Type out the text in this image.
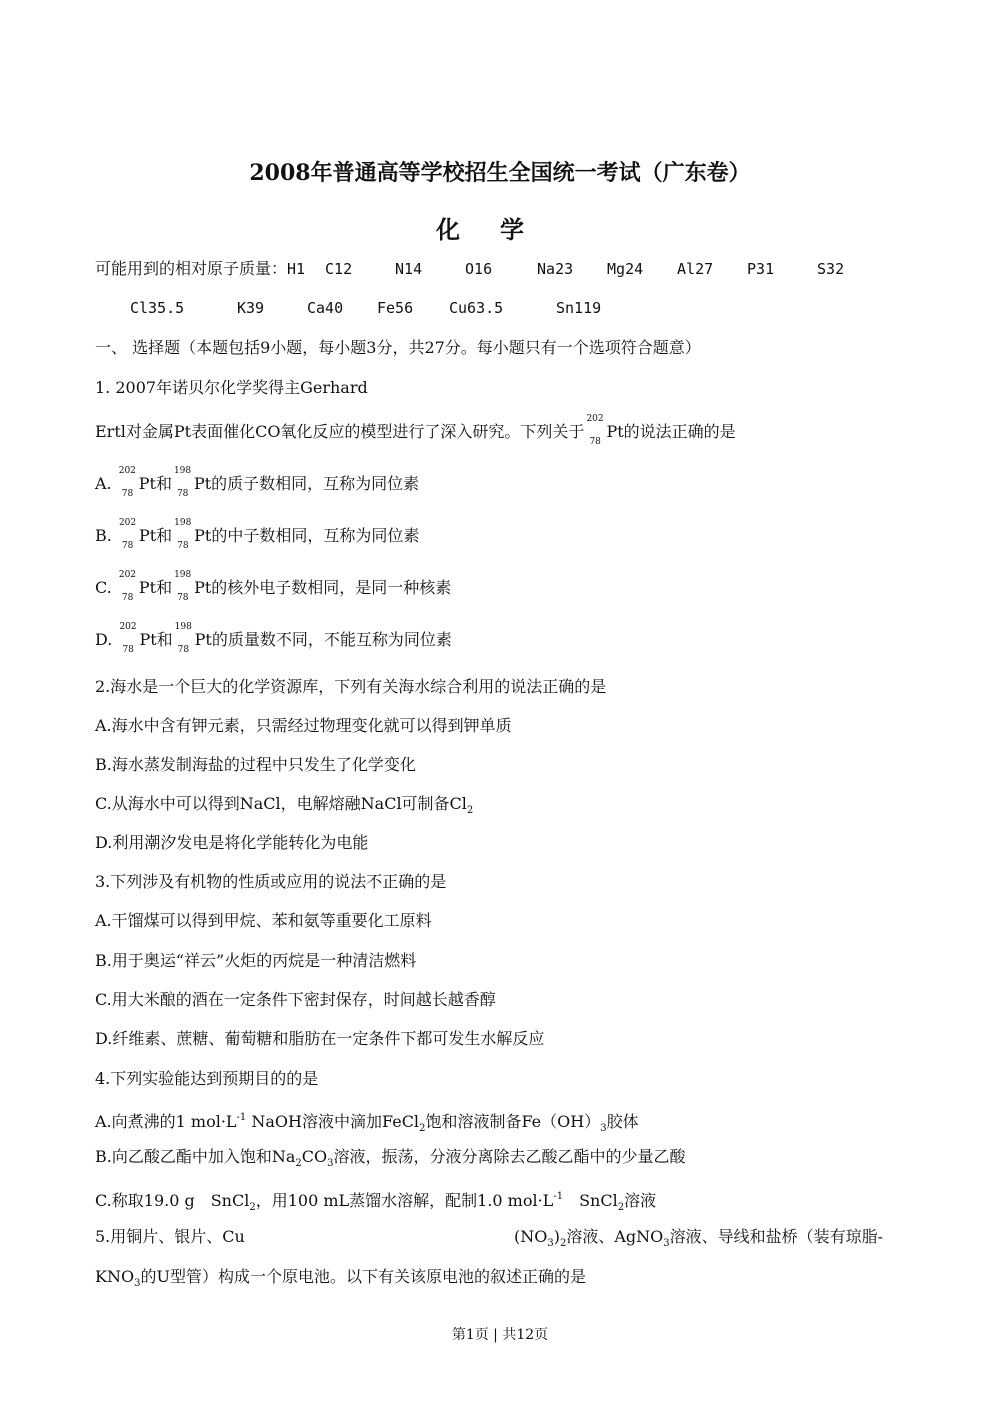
2008年普通高等学校招生全国统一考试（广东卷）
化学
可能用到的相对原子质量：H1 C12	N14	O16	Na23 Mg24 Al27 P31	S32
Cl35.5	K39	Ca40 Fe56 Cu63.5	Sn119
一、 选择题（本题包括9小题，每小题3分，共27分。每小题只有一个选项符合题意）
1. 2007年诺贝尔化学奖得主Gerhard
Ertl对金属Pt表面催化CO氧化反应的模型进行了深入研究。下列关于
202
78
Pt的说法正确的是
A.
202
78
Pt和
198
78
Pt的质子数相同，互称为同位素
B.
202
78
Pt和
198
78
Pt的中子数相同，互称为同位素
C.
202
78
Pt和
198
78
Pt的核外电子数相同，是同一种核素
D.
202
78
Pt和
198
78
Pt的质量数不同，不能互称为同位素
2.海水是一个巨大的化学资源库，下列有关海水综合利用的说法正确的是
A.海水中含有钾元素，只需经过物理变化就可以得到钾单质
B.海水蒸发制海盐的过程中只发生了化学变化
C.从海水中可以得到NaCl，电解熔融NaCl可制备$Cl_2$
D.利用潮汐发电是将化学能转化为电能
3.下列涉及有机物的性质或应用的说法不正确的是
A.干馏煤可以得到甲烷、苯和氨等重要化工原料
B.用于奥运“祥云”火炬的丙烷是一种清洁燃料
C.用大米酿的酒在一定条件下密封保存，时间越长越香醇
D.纤维素、蔗糖、葡萄糖和脂肪在一定条件下都可发生水解反应
4.下列实验能达到预期目的的是
A.向煮沸的1 $mol\cdot L^{-1}$ NaOH溶液中滴加FeCl$_2$饱和溶液制备$Fe(OH)_3$胶体
B.向乙酸乙酯中加入饱和$Na_2CO_3$溶液，振荡，分液分离除去乙酸乙酯中的少量乙酸
C.称取19.0 g　SnCl$_2$，用100 mL蒸馏水溶解，配制1.0 $mol\cdot L^{-1}$　SnCl$_2$溶液
5.用铜片、银片、Cu	$(NO_3)_2$溶液、AgNO$_3$溶液、导线和盐桥（装有琼脂-
$KNO_3$的U型管）构成一个原电池。以下有关该原电池的叙述正确的是
第1页 | 共12页
